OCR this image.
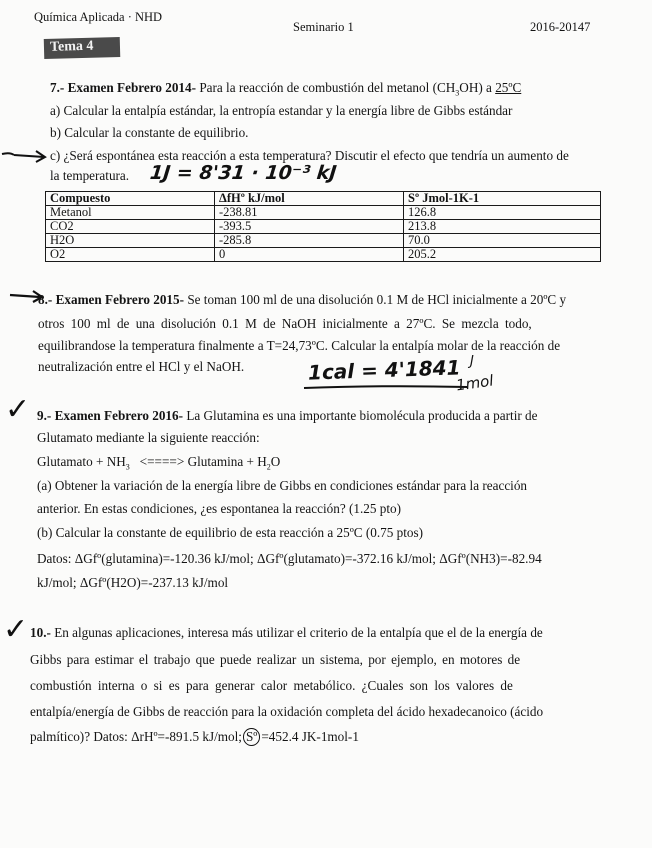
Química Aplicada · NHD
Seminario 1	2016-20147
Tema 4
7.- Examen Febrero 2014- Para la reacción de combustión del metanol $(CH_3OH)$ a 25ºC
a) Calcular la entalpía estándar, la entropía estandar y la energía libre de Gibbs estándar
b) Calcular la constante de equilibrio.
c) ¿Será espontánea esta reacción a esta temperatura? Discutir el efecto que tendría un aumento de
la temperatura. 1J = 8'31 · 10⁻³ kJ
Compuesto	ΔfHº kJ/mol	Sº Jmol-1K-1
Metanol	-238.81	126.8
CO2	-393.5	213.8
H2O	-285.8	70.0
O2	0	205.2
8.- Examen Febrero 2015- Se toman 100 ml de una disolución 0.1 M de HCl inicialmente a 20ºC y
otros 100 ml de una disolución 0.1 M de NaOH inicialmente a 27ºC. Se mezcla todo,
equilibrandose la temperatura finalmente a T=24,73ºC. Calcular la entalpía molar de la reacción de
neutralización entre el HCl y el NaOH.	1cal = 4'1841 J
1mol
✓ 9.- Examen Febrero 2016- La Glutamina es una importante biomolécula producida a partir de
Glutamato mediante la siguiente reacción:
Glutamato + $NH_3$ <====> Glutamina + $H_2O$
(a) Obtener la variación de la energía libre de Gibbs en condiciones estándar para la reacción
anterior. En estas condiciones, ¿es espontanea la reacción? (1.25 pto)
(b) Calcular la constante de equilibrio de esta reacción a 25ºC (0.75 ptos)
Datos: ΔGfº(glutamina)=-120.36 kJ/mol; ΔGfº(glutamato)=-372.16 kJ/mol; ΔGfº(NH3)=-82.94
kJ/mol; ΔGfº(H2O)=-237.13 kJ/mol
✓ 10.- En algunas aplicaciones, interesa más utilizar el criterio de la entalpía que el de la energía de
Gibbs para estimar el trabajo que puede realizar un sistema, por ejemplo, en motores de
combustión interna o si es para generar calor metabólico. ¿Cuales son los valores de
entalpía/energía de Gibbs de reacción para la oxidación completa del ácido hexadecanoico (ácido
palmítico)? Datos: ΔrHº=-891.5 kJ/mol; Sº =452.4 JK-1mol-1
